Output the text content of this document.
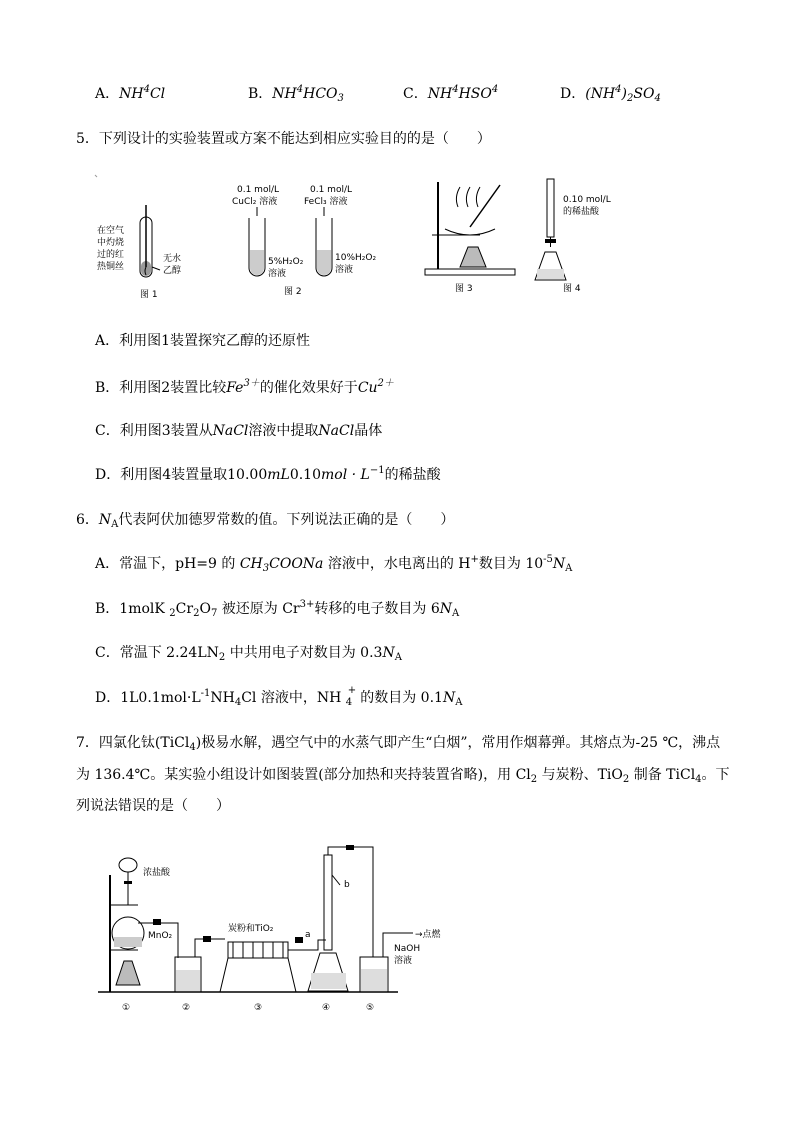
A．$NH^4Cl$	B．$NH^4HCO_3$	C．$NH^4HSO^4$	D．$(NH^4)_2SO_4$
5．下列设计的实验装置或方案不能达到相应实验目的的是（　　）
在空气
中灼烧
过的红
热铜丝
无水
乙醇
图 1
0.1 mol/L
CuCl₂ 溶液
0.1 mol/L
FeCl₃ 溶液
5%H₂O₂
溶液
10%H₂O₂
溶液
图 2	图 3
0.10 mol/L
的稀盐酸
图 4
A．利用图1装置探究乙醇的还原性
B．利用图2装置比较$Fe^{3+}$的催化效果好于$Cu^{2+}$
C．利用图3装置从NaCl溶液中提取NaCl晶体
D．利用图4装置量取$10.00mL0.10mol \cdot L^{-1}$的稀盐酸
6．$N_A$代表阿伏加德罗常数的值。下列说法正确的是（　　）
A．常温下，pH=9 的 $CH_3COONa$ 溶液中，水电离出的 H+数目为 $10^{-5}N_A$
B．1molK $_2Cr_2O_7$ 被还原为 $Cr^{3+}$转移的电子数目为 $6N_A$
C．常温下 $2.24LN_2$ 中共用电子对数目为 $0.3N_A$
D．$1L0.1mol\cdot L^{-1}NH_4Cl$ 溶液中，NH +
4 的数目为 $0.1N_A$
7．四氯化钛(TiCl$_4$)极易水解，遇空气中的水蒸气即产生“白烟”，常用作烟幕弹。其熔点为-25 ℃，沸点
为 136.4℃。某实验小组设计如图装置(部分加热和夹持装置省略)，用 $Cl_2$ 与炭粉、TiO$_2$ 制备 TiCl$_4$。下
列说法错误的是（　　）
浓盐酸
MnO₂
炭粉和TiO₂
a
b
NaOH
溶液
→点燃
①	②	③	④	⑤
